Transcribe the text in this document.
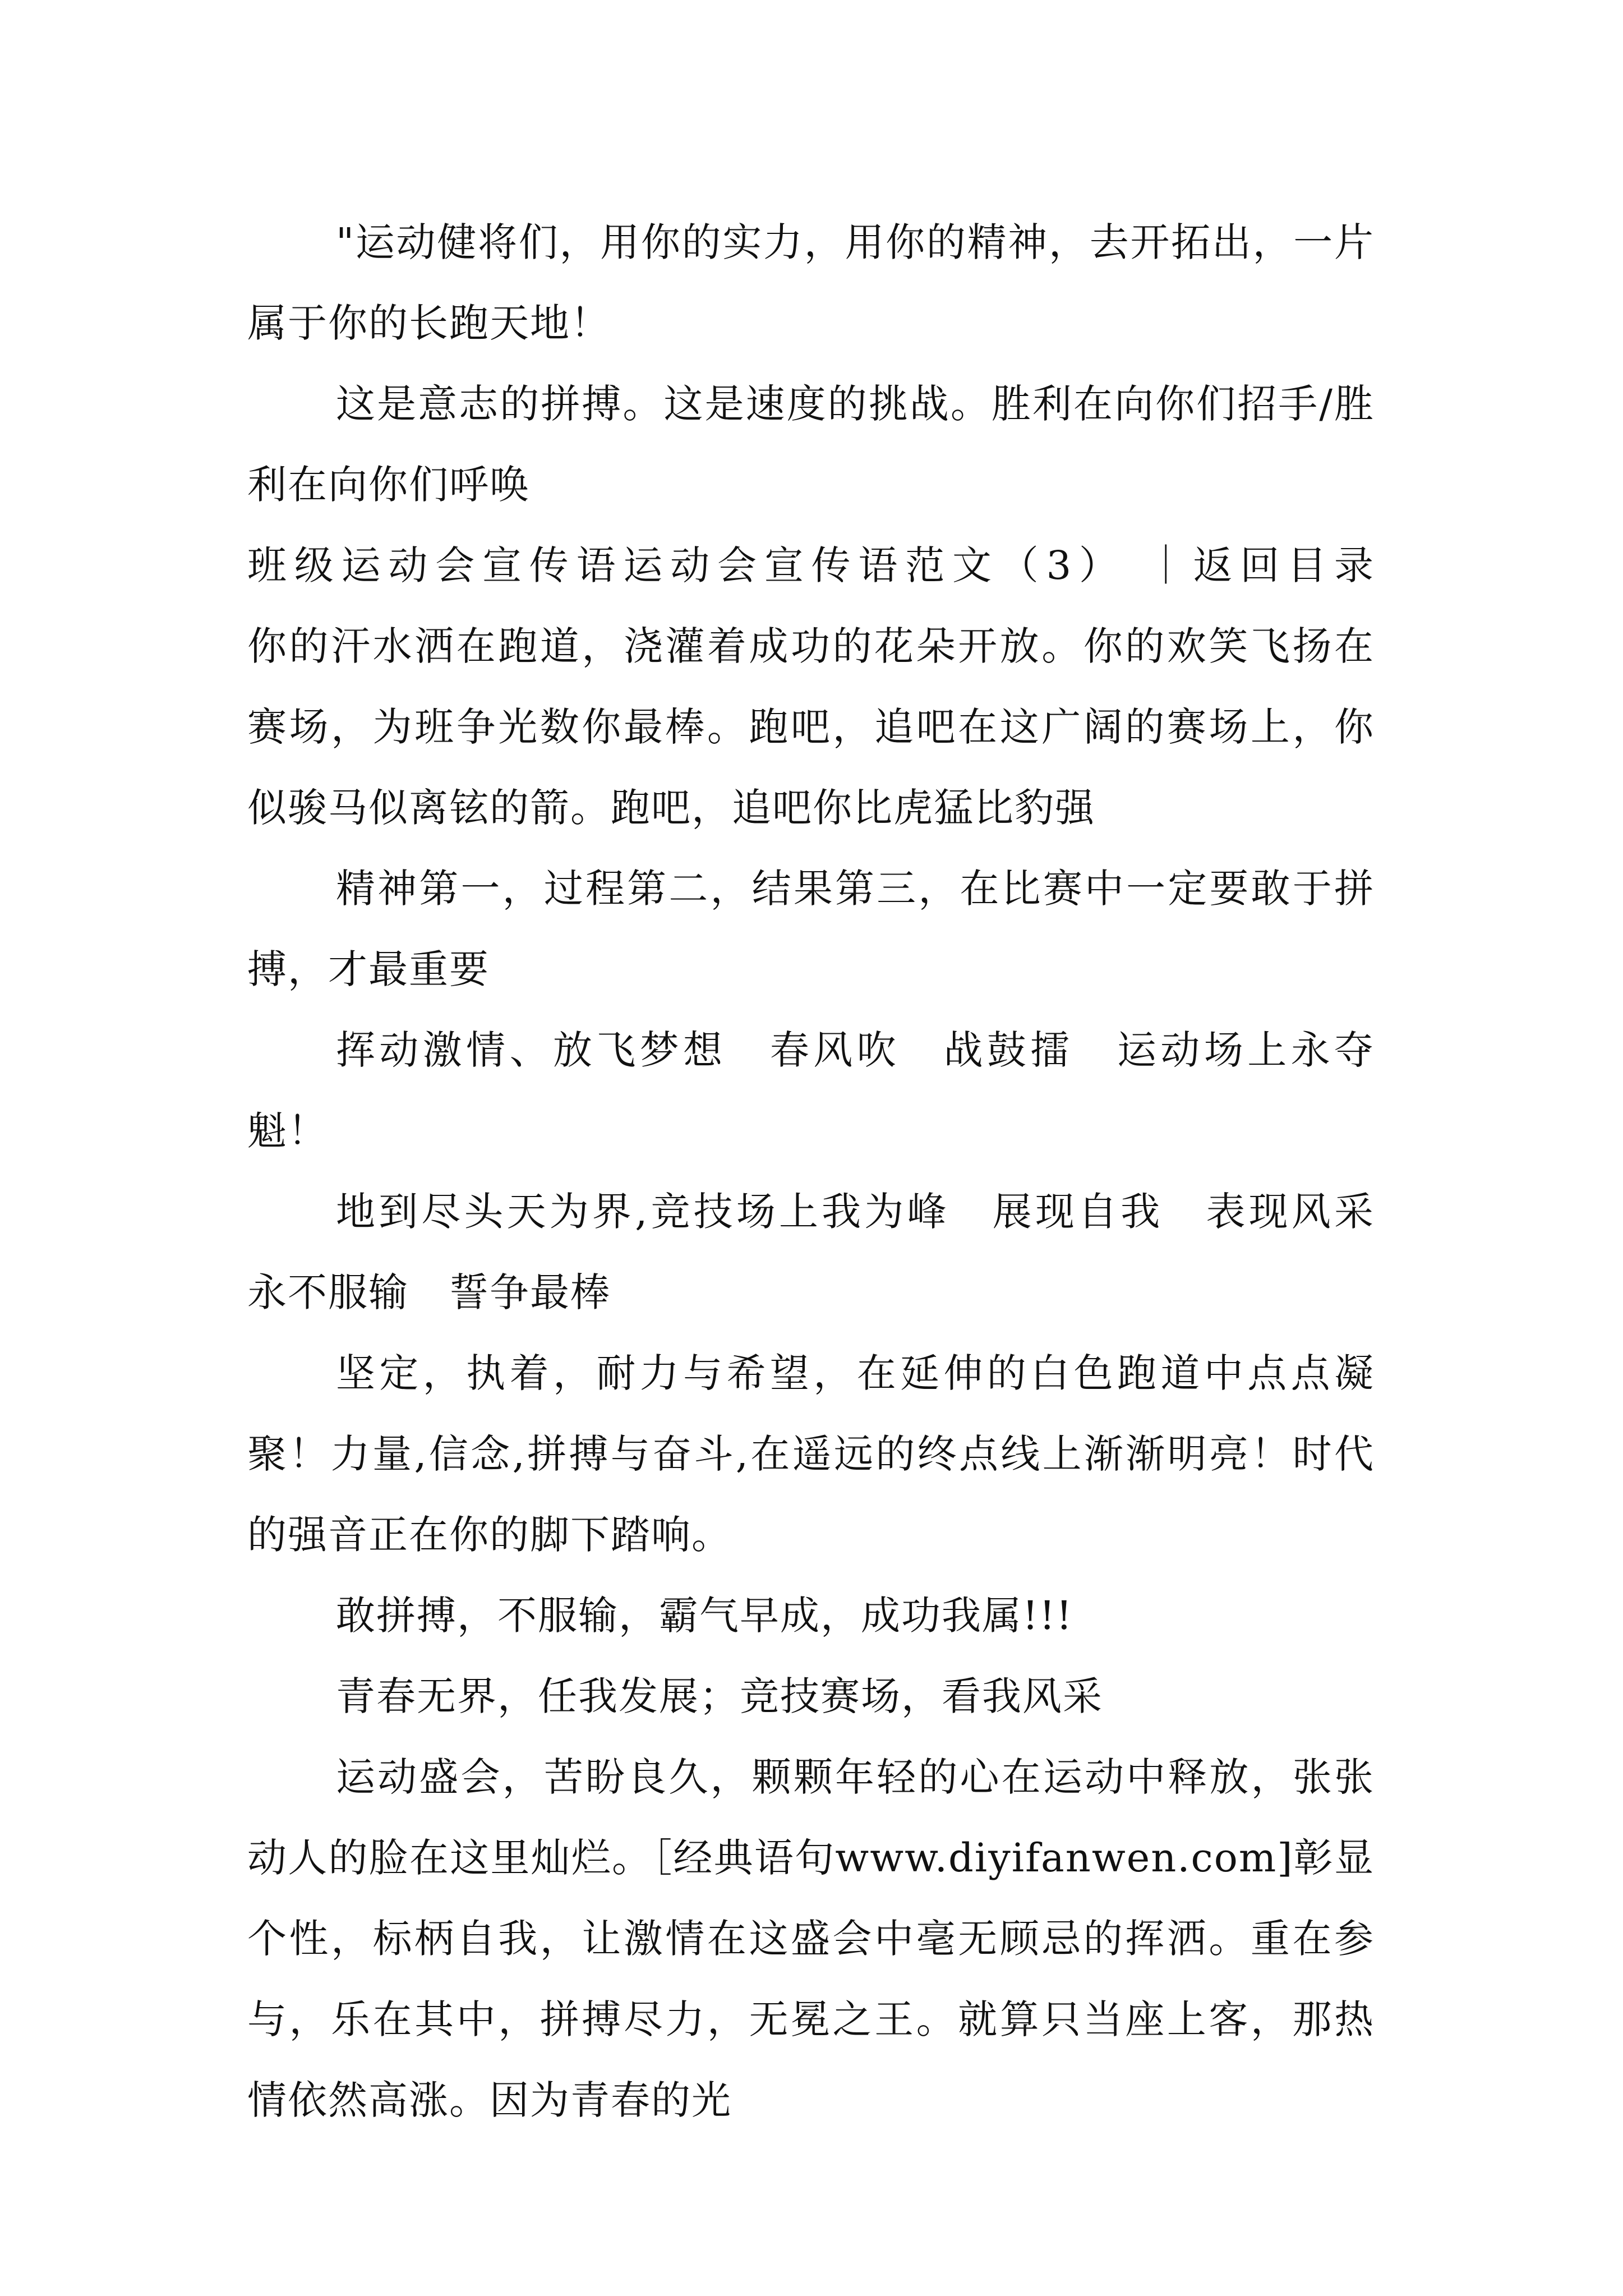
"运动健将们，用你的实力，用你的精神，去开拓出，一片属于你的长跑天地！

这是意志的拼搏。这是速度的挑战。胜利在向你们招手/胜利在向你们呼唤

班级运动会宣传语运动会宣传语范文（3） ｜返回目录

你的汗水洒在跑道，浇灌着成功的花朵开放。你的欢笑飞扬在赛场，为班争光数你最棒。跑吧，追吧在这广阔的赛场上，你似骏马似离铉的箭。跑吧，追吧你比虎猛比豹强

精神第一，过程第二，结果第三，在比赛中一定要敢于拼搏，才最重要

挥动激情、放飞梦想　春风吹　战鼓擂　运动场上永夺魁！

地到尽头天为界,竞技场上我为峰　展现自我　表现风采　永不服输　誓争最棒

坚定，执着，耐力与希望，在延伸的白色跑道中点点凝聚！力量,信念,拼搏与奋斗,在遥远的终点线上渐渐明亮！时代的强音正在你的脚下踏响。

敢拼搏，不服输，霸气早成，成功我属!!!

青春无界，任我发展；竞技赛场，看我风采

运动盛会，苦盼良久，颗颗年轻的心在运动中释放，张张动人的脸在这里灿烂。［经典语句www.diyifanwen.com]彰显个性，标柄自我，让激情在这盛会中毫无顾忌的挥洒。重在参与，乐在其中，拼搏尽力，无冕之王。就算只当座上客，那热情依然高涨。因为青春的光
